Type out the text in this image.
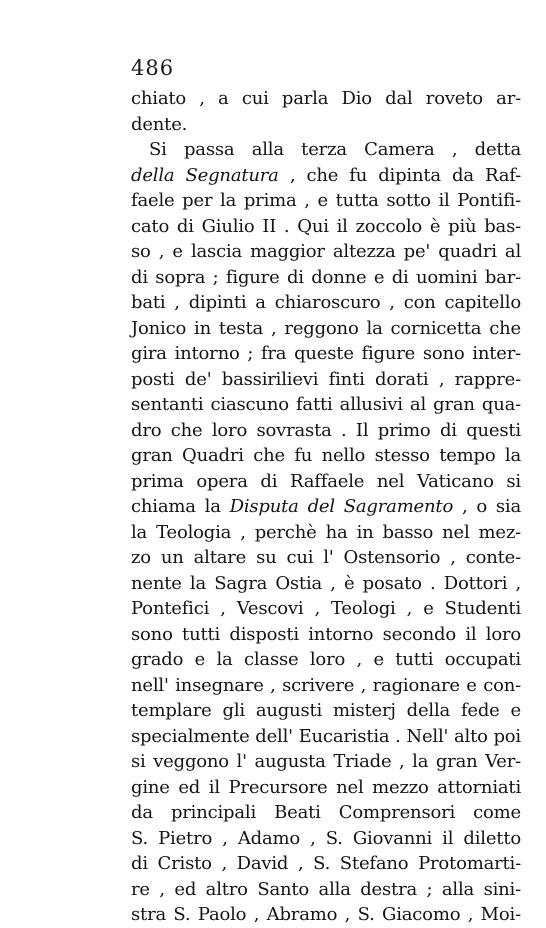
486
chiato , a cui parla Dio dal roveto ar-
dente.
Si passa alla terza Camera , detta
della Segnatura , che fu dipinta da Raf-
faele per la prima , e tutta sotto il Pontifi-
cato di Giulio II . Qui il zoccolo è più bas-
so , e lascia maggior altezza pe' quadri al
di sopra ; figure di donne e di uomini bar-
bati , dipinti a chiaroscuro , con capitello
Jonico in testa , reggono la cornicetta che
gira intorno ; fra queste figure sono inter-
posti de' bassirilievi finti dorati , rappre-
sentanti ciascuno fatti allusivi al gran qua-
dro che loro sovrasta . Il primo di questi
gran Quadri che fu nello stesso tempo la
prima opera di Raffaele nel Vaticano si
chiama la Disputa del Sagramento , o sia
la Teologia , perchè ha in basso nel mez-
zo un altare su cui l' Ostensorio , conte-
nente la Sagra Ostia , è posato . Dottori ,
Pontefici , Vescovi , Teologi , e Studenti
sono tutti disposti intorno secondo il loro
grado e la classe loro , e tutti occupati
nell' insegnare , scrivere , ragionare e con-
templare gli augusti misterj della fede e
specialmente dell' Eucaristia . Nell' alto poi
si veggono l' augusta Triade , la gran Ver-
gine ed il Precursore nel mezzo attorniati
da principali Beati Comprensori come
S. Pietro , Adamo , S. Giovanni il diletto
di Cristo , David , S. Stefano Protomarti-
re , ed altro Santo alla destra ; alla sini-
stra S. Paolo , Abramo , S. Giacomo , Moi-
